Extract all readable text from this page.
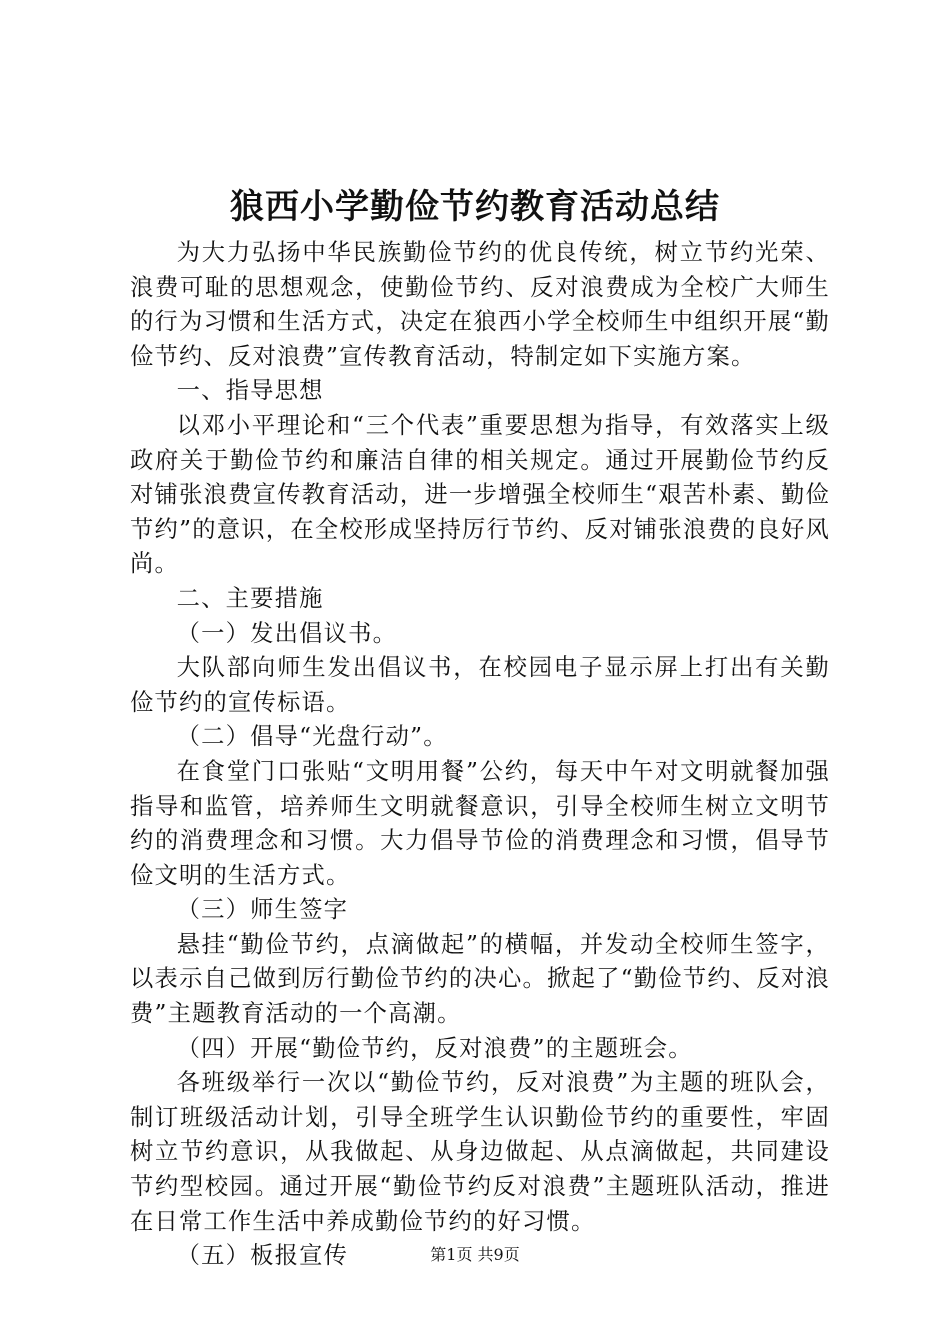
狼西小学勤俭节约教育活动总结

为大力弘扬中华民族勤俭节约的优良传统，树立节约光荣、浪费可耻的思想观念，使勤俭节约、反对浪费成为全校广大师生的行为习惯和生活方式，决定在狼西小学全校师生中组织开展“勤俭节约、反对浪费”宣传教育活动，特制定如下实施方案。

一、指导思想

以邓小平理论和“三个代表”重要思想为指导，有效落实上级政府关于勤俭节约和廉洁自律的相关规定。通过开展勤俭节约反对铺张浪费宣传教育活动，进一步增强全校师生“艰苦朴素、勤俭节约”的意识，在全校形成坚持厉行节约、反对铺张浪费的良好风尚。

二、主要措施

（一）发出倡议书。

大队部向师生发出倡议书，在校园电子显示屏上打出有关勤俭节约的宣传标语。

（二）倡导“光盘行动”。

在食堂门口张贴“文明用餐”公约，每天中午对文明就餐加强指导和监管，培养师生文明就餐意识，引导全校师生树立文明节约的消费理念和习惯。大力倡导节俭的消费理念和习惯，倡导节俭文明的生活方式。

（三）师生签字

悬挂“勤俭节约，点滴做起”的横幅，并发动全校师生签字，以表示自己做到厉行勤俭节约的决心。掀起了“勤俭节约、反对浪费”主题教育活动的一个高潮。

（四）开展“勤俭节约，反对浪费”的主题班会。

各班级举行一次以“勤俭节约，反对浪费”为主题的班队会，制订班级活动计划，引导全班学生认识勤俭节约的重要性，牢固树立节约意识，从我做起、从身边做起、从点滴做起，共同建设节约型校园。通过开展“勤俭节约反对浪费”主题班队活动，推进在日常工作生活中养成勤俭节约的好习惯。

（五）板报宣传	第1页 共9页
